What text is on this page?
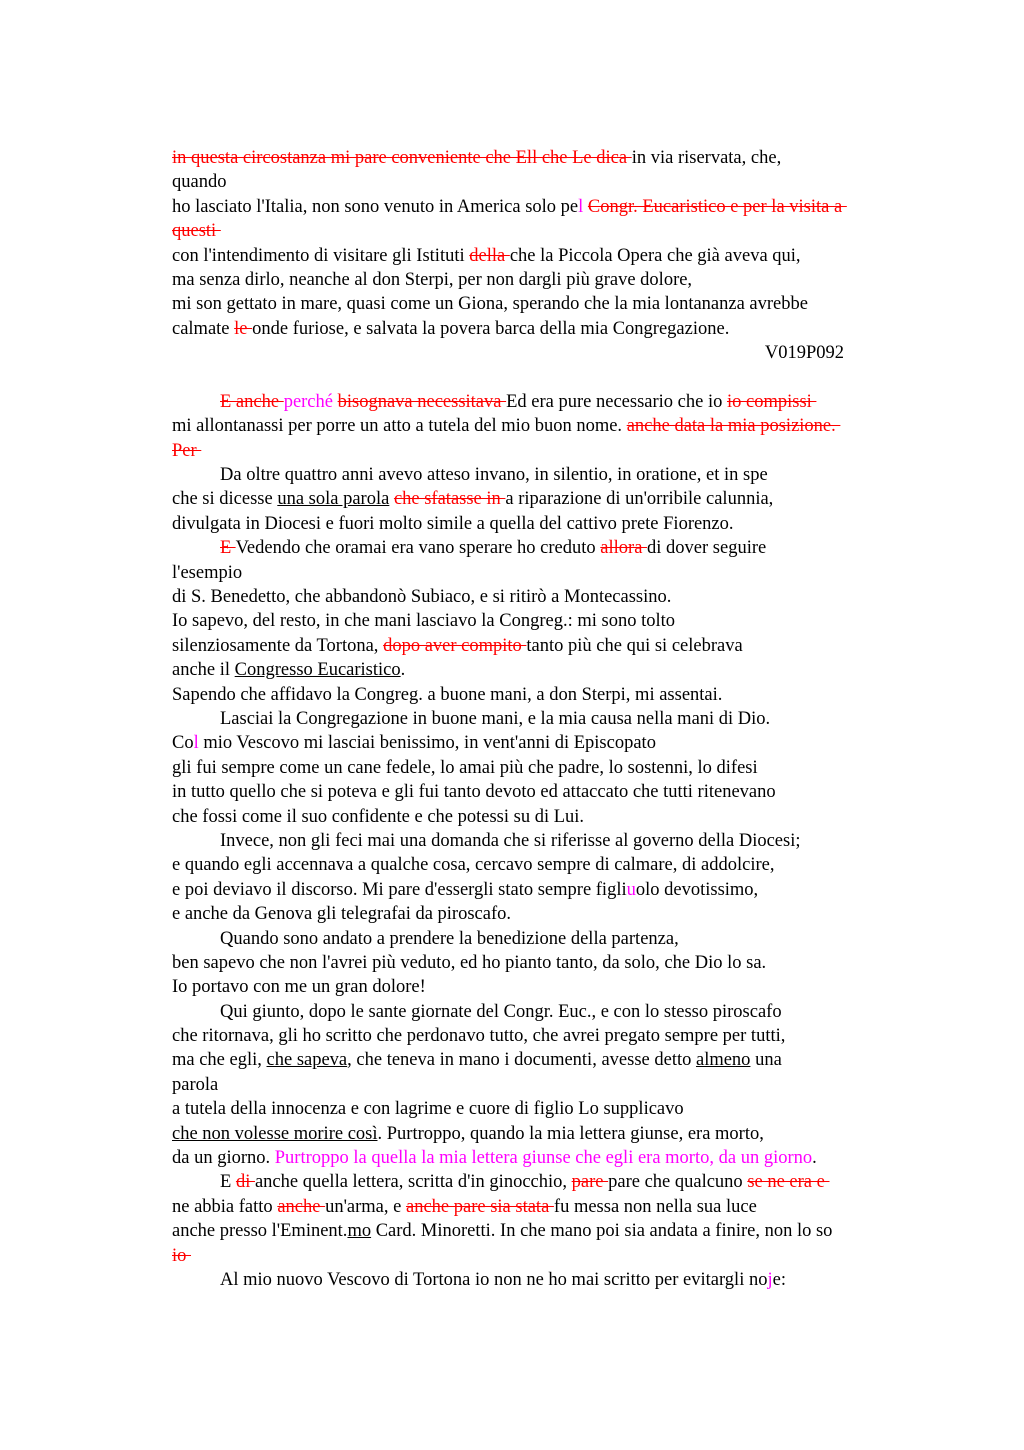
in questa circostanza mi pare conveniente che Ell che Le dica in via riservata, che,
quando
ho lasciato l'Italia, non sono venuto in America solo pel Congr. Eucaristico e per la visita a
questi
con l'intendimento di visitare gli Istituti della che la Piccola Opera che già aveva qui,
ma senza dirlo, neanche al don Sterpi, per non dargli più grave dolore,
mi son gettato in mare, quasi come un Giona, sperando che la mia lontananza avrebbe
calmate le onde furiose, e salvata la povera barca della mia Congregazione.
V019P092
E anche perché bisognava necessitava Ed era pure necessario che io io compissi
mi allontanassi per porre un atto a tutela del mio buon nome. anche data la mia posizione.
Per
Da oltre quattro anni avevo atteso invano, in silentio, in oratione, et in spe
che si dicesse una sola parola che sfatasse in a riparazione di un'orribile calunnia,
divulgata in Diocesi e fuori molto simile a quella del cattivo prete Fiorenzo.
E Vedendo che oramai era vano sperare ho creduto allora di dover seguire
l'esempio
di S. Benedetto, che abbandonò Subiaco, e si ritirò a Montecassino.
Io sapevo, del resto, in che mani lasciavo la Congreg.: mi sono tolto
silenziosamente da Tortona, dopo aver compito tanto più che qui si celebrava
anche il Congresso Eucaristico.
Sapendo che affidavo la Congreg. a buone mani, a don Sterpi, mi assentai.
Lasciai la Congregazione in buone mani, e la mia causa nella mani di Dio.
Col mio Vescovo mi lasciai benissimo, in vent'anni di Episcopato
gli fui sempre come un cane fedele, lo amai più che padre, lo sostenni, lo difesi
in tutto quello che si poteva e gli fui tanto devoto ed attaccato che tutti ritenevano
che fossi come il suo confidente e che potessi su di Lui.
Invece, non gli feci mai una domanda che si riferisse al governo della Diocesi;
e quando egli accennava a qualche cosa, cercavo sempre di calmare, di addolcire,
e poi deviavo il discorso. Mi pare d'essergli stato sempre figliuolo devotissimo,
e anche da Genova gli telegrafai da piroscafo.
Quando sono andato a prendere la benedizione della partenza,
ben sapevo che non l'avrei più veduto, ed ho pianto tanto, da solo, che Dio lo sa.
Io portavo con me un gran dolore!
Qui giunto, dopo le sante giornate del Congr. Euc., e con lo stesso piroscafo
che ritornava, gli ho scritto che perdonavo tutto, che avrei pregato sempre per tutti,
ma che egli, che sapeva, che teneva in mano i documenti, avesse detto almeno una
parola
a tutela della innocenza e con lagrime e cuore di figlio Lo supplicavo
che non volesse morire così. Purtroppo, quando la mia lettera giunse, era morto,
da un giorno. Purtroppo la quella la mia lettera giunse che egli era morto, da un giorno.
E di anche quella lettera, scritta d'in ginocchio, pare pare che qualcuno se ne era e
ne abbia fatto anche un'arma, e anche pare sia stata fu messa non nella sua luce
anche presso l'Eminent.mo Card. Minoretti. In che mano poi sia andata a finire, non lo so
io
Al mio nuovo Vescovo di Tortona io non ne ho mai scritto per evitargli noje:
